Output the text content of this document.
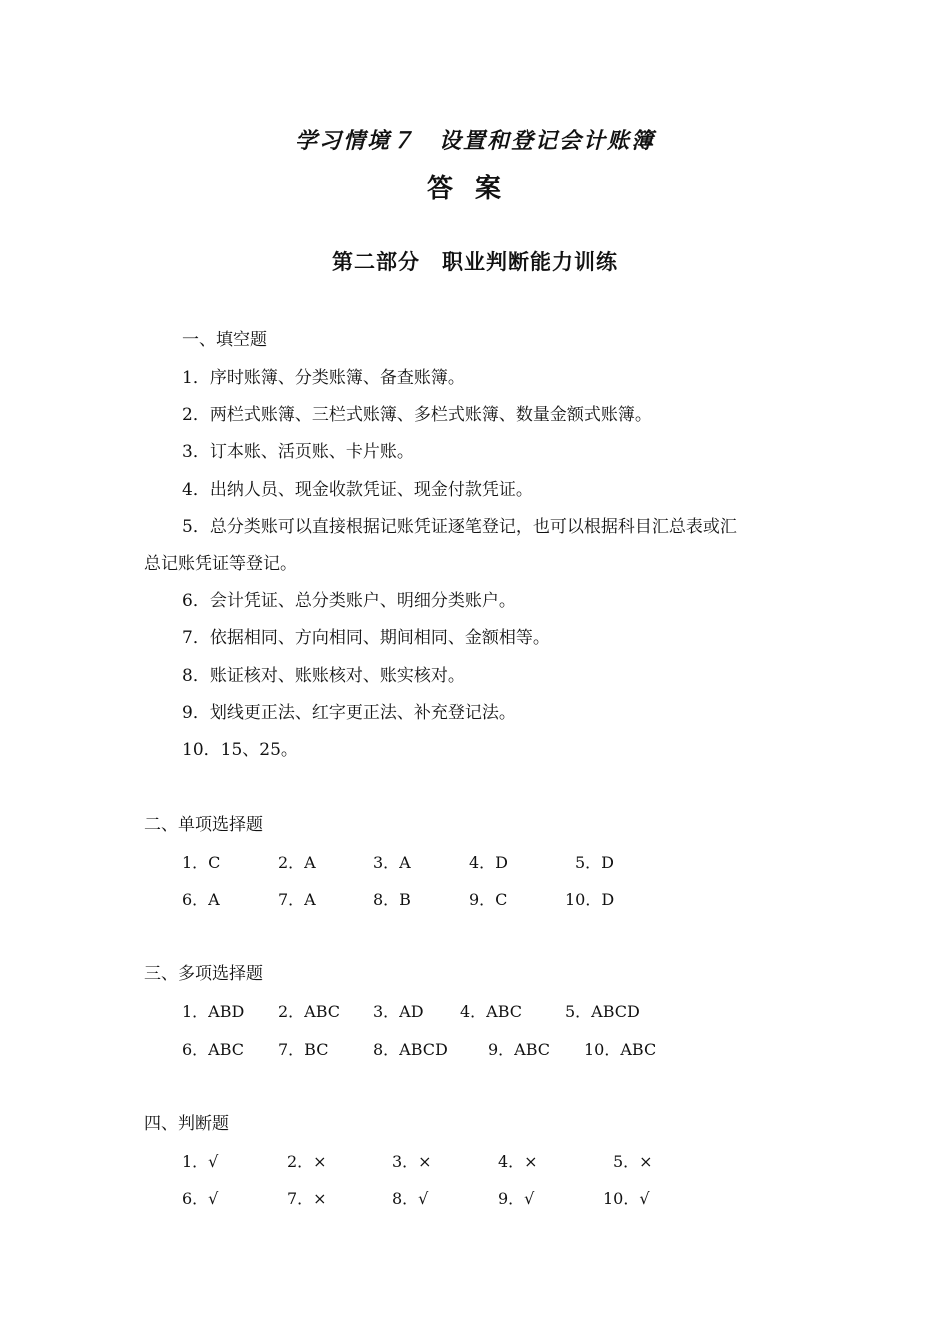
学习情境７　设置和登记会计账簿
答案
第二部分　职业判断能力训练
一、填空题
1．序时账簿、分类账簿、备查账簿。
2．两栏式账簿、三栏式账簿、多栏式账簿、数量金额式账簿。
3．订本账、活页账、卡片账。
4．出纳人员、现金收款凭证、现金付款凭证。
5．总分类账可以直接根据记账凭证逐笔登记，也可以根据科目汇总表或汇
总记账凭证等登记。
6．会计凭证、总分类账户、明细分类账户。
7．依据相同、方向相同、期间相同、金额相等。
8．账证核对、账账核对、账实核对。
9．划线更正法、红字更正法、补充登记法。
10．15、25。
二、单项选择题
1．C	2．A	3．A	4．D	5．D
6．A	7．A	8．B	9．C	10．D
三、多项选择题
1．ABD 2．ABC 3．AD 4．ABC	5．ABCD
6．ABC 7．BC	8．ABCD	9．ABC 10．ABC
四、判断题
1．√	2．×	3．×	4．×	5．×
6．√	7．×	8．√	9．√	10．√
